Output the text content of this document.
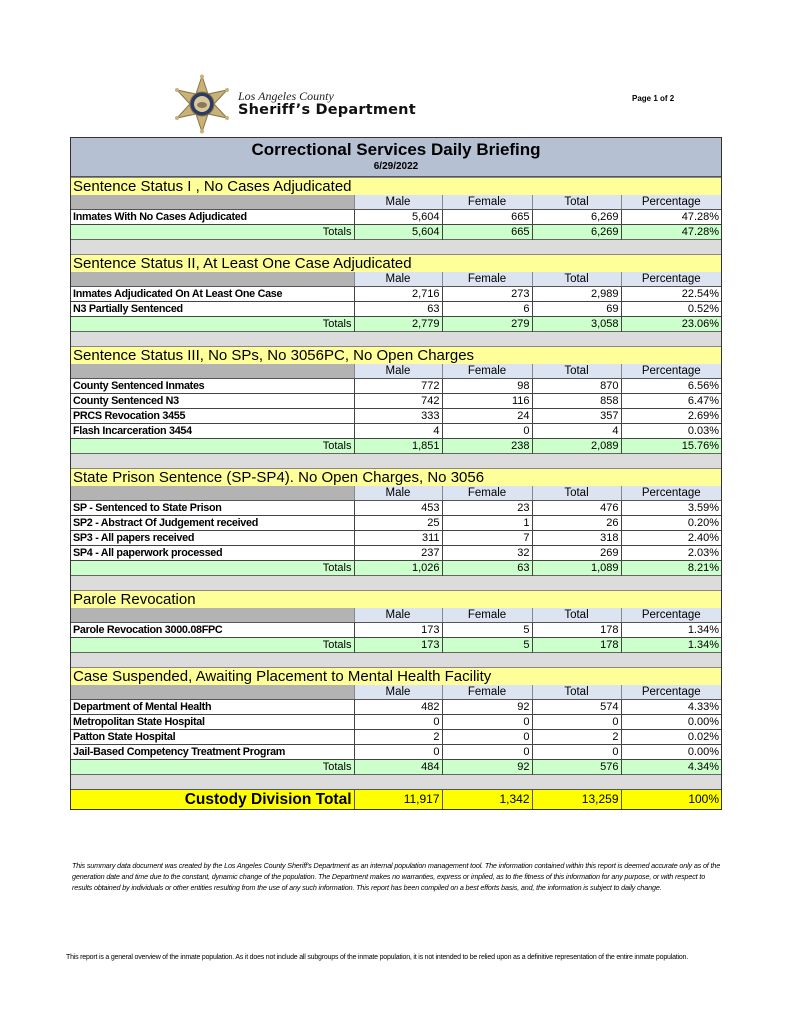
Los Angeles County
Sheriff’s Department
Page 1 of 2
Correctional Services Daily Briefing
6/29/2022
Sentence Status I , No Cases Adjudicated				
	Male	Female	Total	Percentage
Inmates With No Cases Adjudicated	5,604	665	6,269	47.28%
Totals	5,604	665	6,269	47.28%

Sentence Status II, At Least One Case Adjudicated				
	Male	Female	Total	Percentage
Inmates Adjudicated On At Least One Case	2,716	273	2,989	22.54%
N3 Partially Sentenced	63	6	69	0.52%
Totals	2,779	279	3,058	23.06%

Sentence Status III, No SPs, No 3056PC, No Open Charges				
	Male	Female	Total	Percentage
County Sentenced Inmates	772	98	870	6.56%
County Sentenced N3	742	116	858	6.47%
PRCS Revocation 3455	333	24	357	2.69%
Flash Incarceration 3454	4	0	4	0.03%
Totals	1,851	238	2,089	15.76%

State Prison Sentence (SP-SP4). No Open Charges, No 3056				
	Male	Female	Total	Percentage
SP - Sentenced to State Prison	453	23	476	3.59%
SP2 - Abstract Of Judgement received	25	1	26	0.20%
SP3 - All papers received	311	7	318	2.40%
SP4 - All paperwork processed	237	32	269	2.03%
Totals	1,026	63	1,089	8.21%

Parole Revocation				
	Male	Female	Total	Percentage
Parole Revocation 3000.08FPC	173	5	178	1.34%
Totals	173	5	178	1.34%

Case Suspended, Awaiting Placement to Mental Health Facility				
	Male	Female	Total	Percentage
Department of Mental Health	482	92	574	4.33%
Metropolitan State Hospital	0	0	0	0.00%
Patton State Hospital	2	0	2	0.02%
Jail-Based Competency Treatment Program	0	0	0	0.00%
Totals	484	92	576	4.34%

Custody Division Total	11,917	1,342	13,259	100%
This summary data document was created by the Los Angeles County Sheriff's Department as an internal population management tool. The information contained within this report is deemed accurate only as of the generation date and time due to the constant, dynamic change of the population. The Department makes no warranties, express or implied, as to the fitness of this information for any purpose, or with respect to results obtained by individuals or other entities resulting from the use of any such information. This report has been compiled on a best efforts basis, and, the information is subject to daily change.
This report is a general overview of the inmate population. As it does not include all subgroups of the inmate population, it is not intended to be relied upon as a definitive representation of the entire inmate population.
